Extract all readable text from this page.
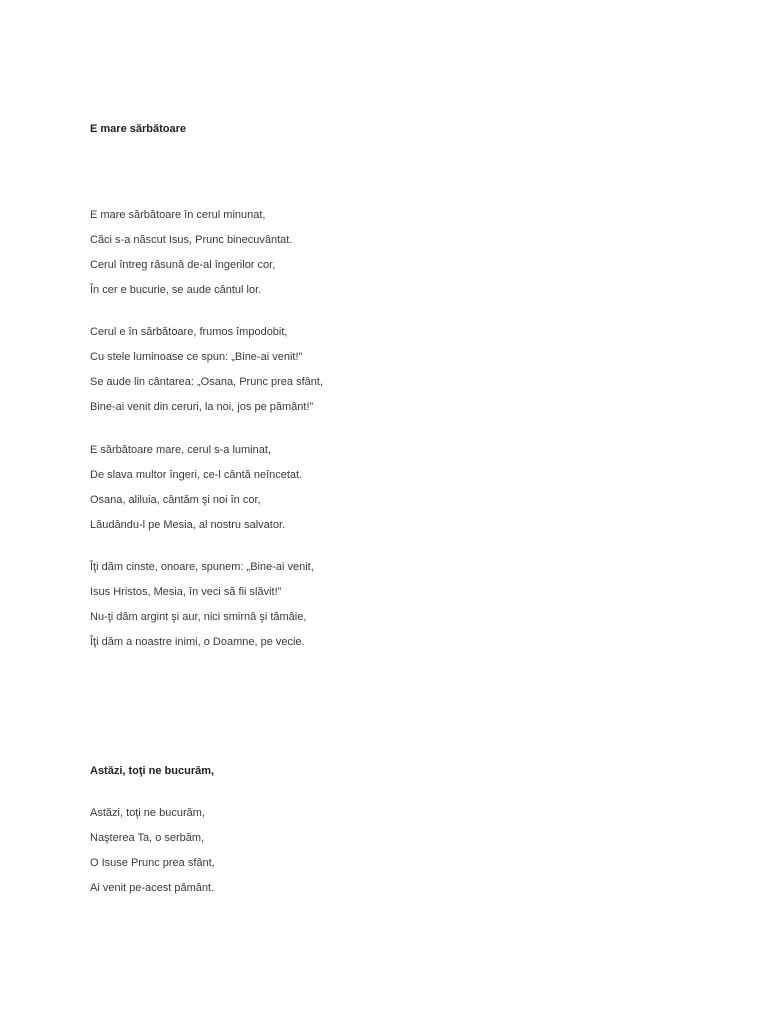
E mare sărbătoare
E mare sărbătoare în cerul minunat,
Căci s-a născut Isus, Prunc binecuvântat.
Cerul întreg răsună de-al îngerilor cor,
În cer e bucurie, se aude cântul lor.
Cerul e în sărbătoare, frumos împodobit,
Cu stele luminoase ce spun: „Bine-ai venit!”
Se aude lin cântarea: „Osana, Prunc prea sfânt,
Bine-ai venit din ceruri, la noi, jos pe pământ!”
E sărbătoare mare, cerul s-a luminat,
De slava multor îngeri, ce-l cântă neîncetat.
Osana, aliluia, cântăm şi noi în cor,
Lăudându-l pe Mesia, al nostru salvator.
Îţi dăm cinste, onoare, spunem: „Bine-ai venit,
Isus Hristos, Mesia, în veci să fii slăvit!”
Nu-ţi dăm argint şi aur, nici smirnă şi tămâie,
Îţi dăm a noastre inimi, o Doamne, pe vecie.
Astăzi, toţi ne bucurăm,
Astăzi, toţi ne bucurăm,
Naşterea Ta, o serbăm,
O Isuse Prunc prea sfânt,
Ai venit pe-acest pământ.
